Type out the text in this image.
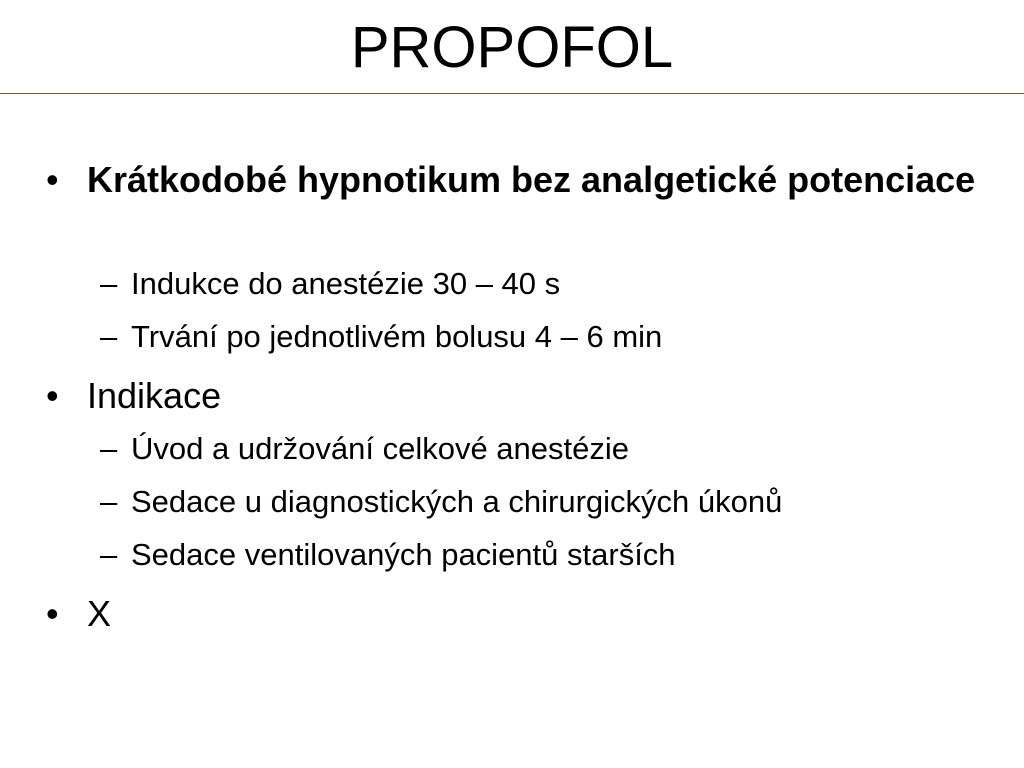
PROPOFOL
• Krátkodobé hypnotikum bez analgetické potenciace
– Indukce do anestézie 30 – 40 s
– Trvání po jednotlivém bolusu 4 – 6 min
• Indikace
– Úvod a udržování celkové anestézie
– Sedace u diagnostických a chirurgických úkonů
– Sedace ventilovaných pacientů starších
• X
